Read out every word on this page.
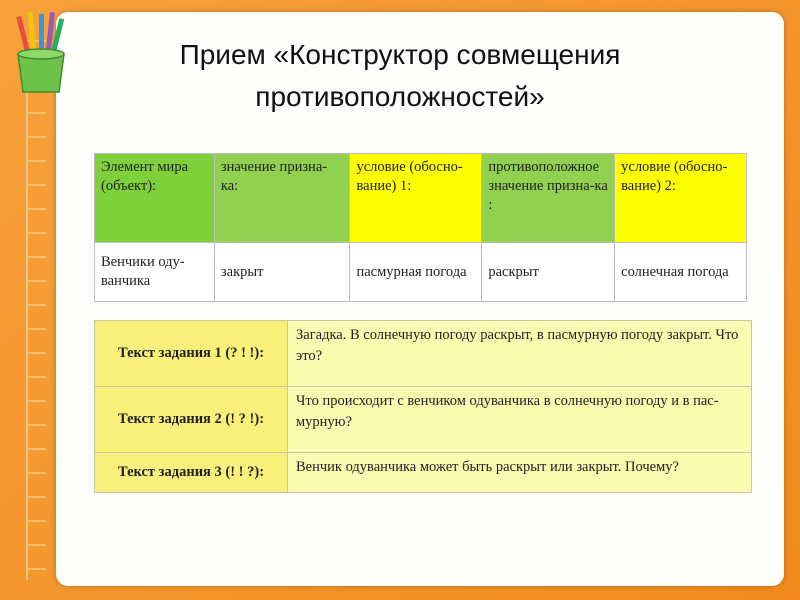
Прием «Конструктор совмещения
противоположностей»
Элемент мира (объект):	значение призна-ка:	условие (обосно-вание) 1:	противоположное значение призна-ка :	условие (обосно-вание) 2:
Венчики оду-ванчика	закрыт	пасмурная погода	раскрыт	солнечная погода
Текст задания 1 (? ! !):	Загадка. В солнечную погоду раскрыт, в пасмурную погоду закрыт. Что это?
Текст задания 2 (! ? !):	Что происходит с венчиком одуванчика в солнечную погоду и в пас-мурную?
Текст задания 3 (! ! ?):	Венчик одуванчика может быть раскрыт или закрыт. Почему?
